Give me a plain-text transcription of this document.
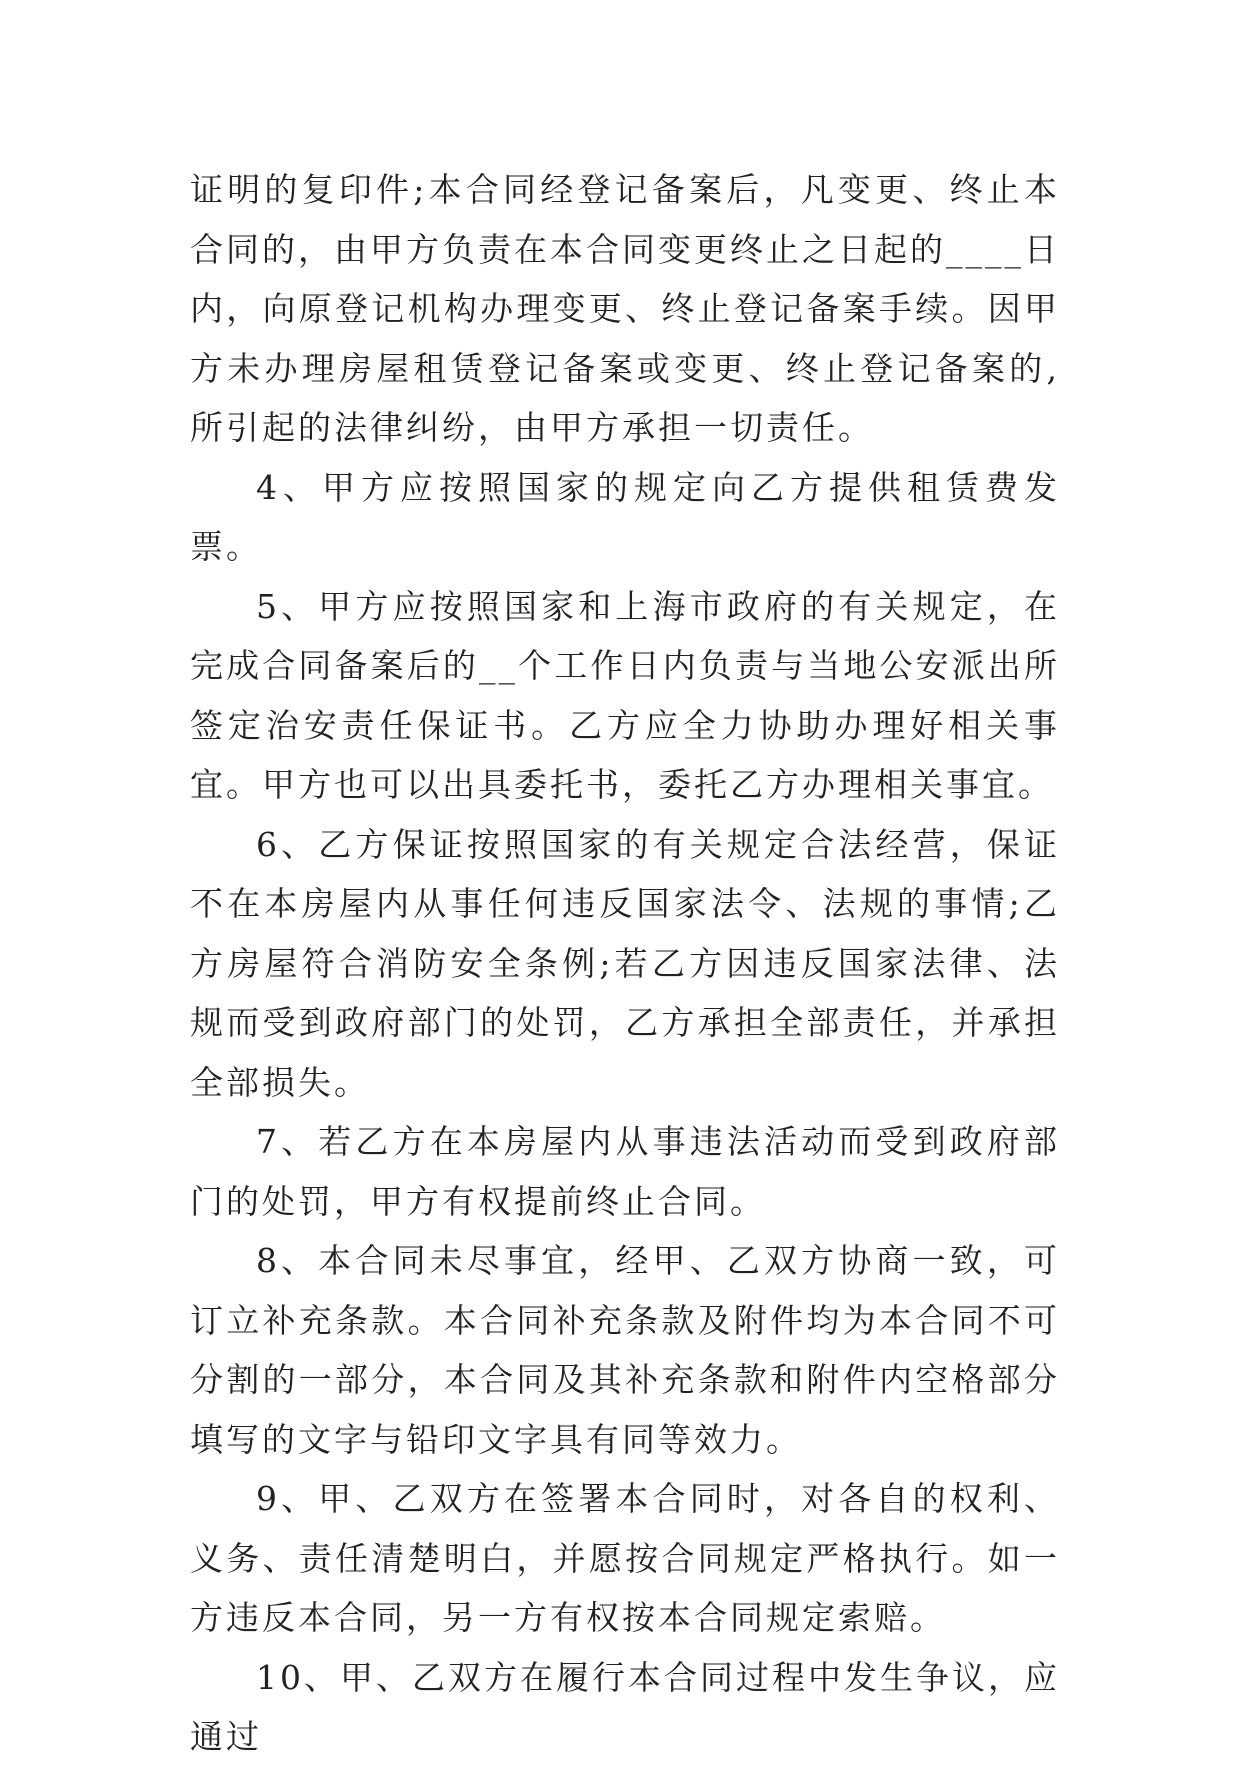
证明的复印件;本合同经登记备案后，凡变更、终止本合同的，由甲方负责在本合同变更终止之日起的____日内，向原登记机构办理变更、终止登记备案手续。因甲方未办理房屋租赁登记备案或变更、终止登记备案的,所引起的法律纠纷，由甲方承担一切责任。

4、甲方应按照国家的规定向乙方提供租赁费发票。

5、甲方应按照国家和上海市政府的有关规定，在完成合同备案后的__个工作日内负责与当地公安派出所签定治安责任保证书。乙方应全力协助办理好相关事宜。甲方也可以出具委托书，委托乙方办理相关事宜。

6、乙方保证按照国家的有关规定合法经营，保证不在本房屋内从事任何违反国家法令、法规的事情;乙方房屋符合消防安全条例;若乙方因违反国家法律、法规而受到政府部门的处罚，乙方承担全部责任，并承担全部损失。

7、若乙方在本房屋内从事违法活动而受到政府部门的处罚，甲方有权提前终止合同。

8、本合同未尽事宜，经甲、乙双方协商一致，可订立补充条款。本合同补充条款及附件均为本合同不可分割的一部分，本合同及其补充条款和附件内空格部分填写的文字与铅印文字具有同等效力。

9、甲、乙双方在签署本合同时，对各自的权利、义务、责任清楚明白，并愿按合同规定严格执行。如一方违反本合同，另一方有权按本合同规定索赔。

10、甲、乙双方在履行本合同过程中发生争议，应通过
